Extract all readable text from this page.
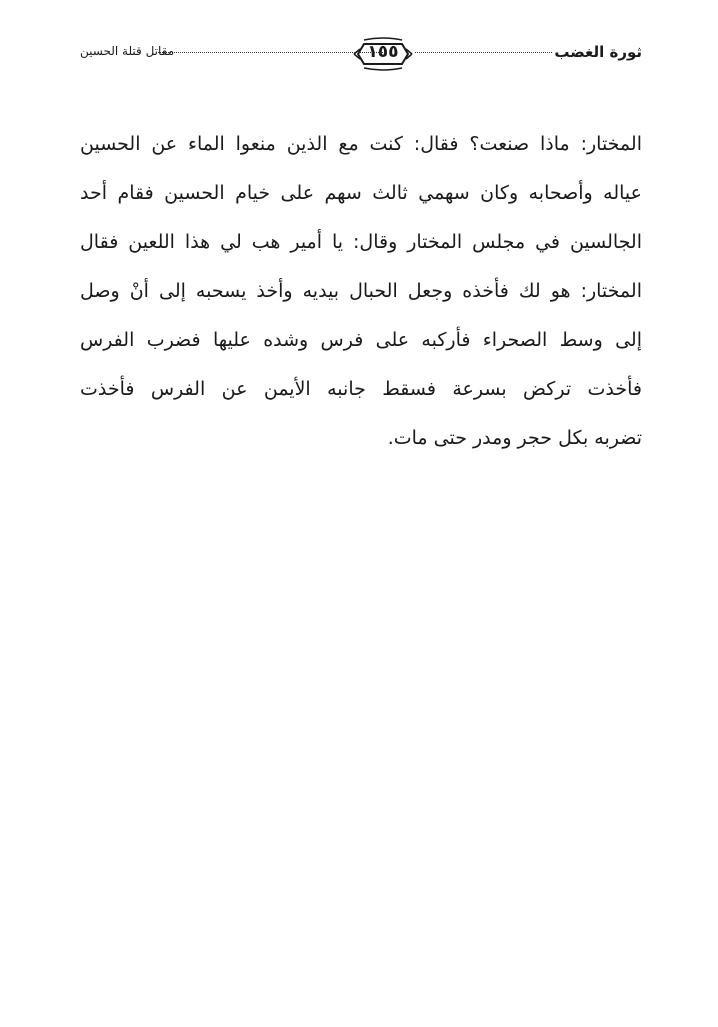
ثورة الغضب
١٥٥
مقاتل قتلة الحسين
المختار: ماذا صنعت؟ فقال: كنت مع الذين منعوا الماء عن الحسين
عياله وأصحابه وكان سهمي ثالث سهم على خيام الحسين فقام أحد
الجالسين في مجلس المختار وقال: يا أمير هب لي هذا اللعين فقال
المختار: هو لك فأخذه وجعل الحبال بيديه وأخذ يسحبه إلى أنْ وصل
إلى وسط الصحراء فأركبه على فرس وشده عليها فضرب الفرس
فأخذت تركض بسرعة فسقط جانبه الأيمن عن الفرس فأخذت
تضربه بكل حجر ومدر حتى مات.
